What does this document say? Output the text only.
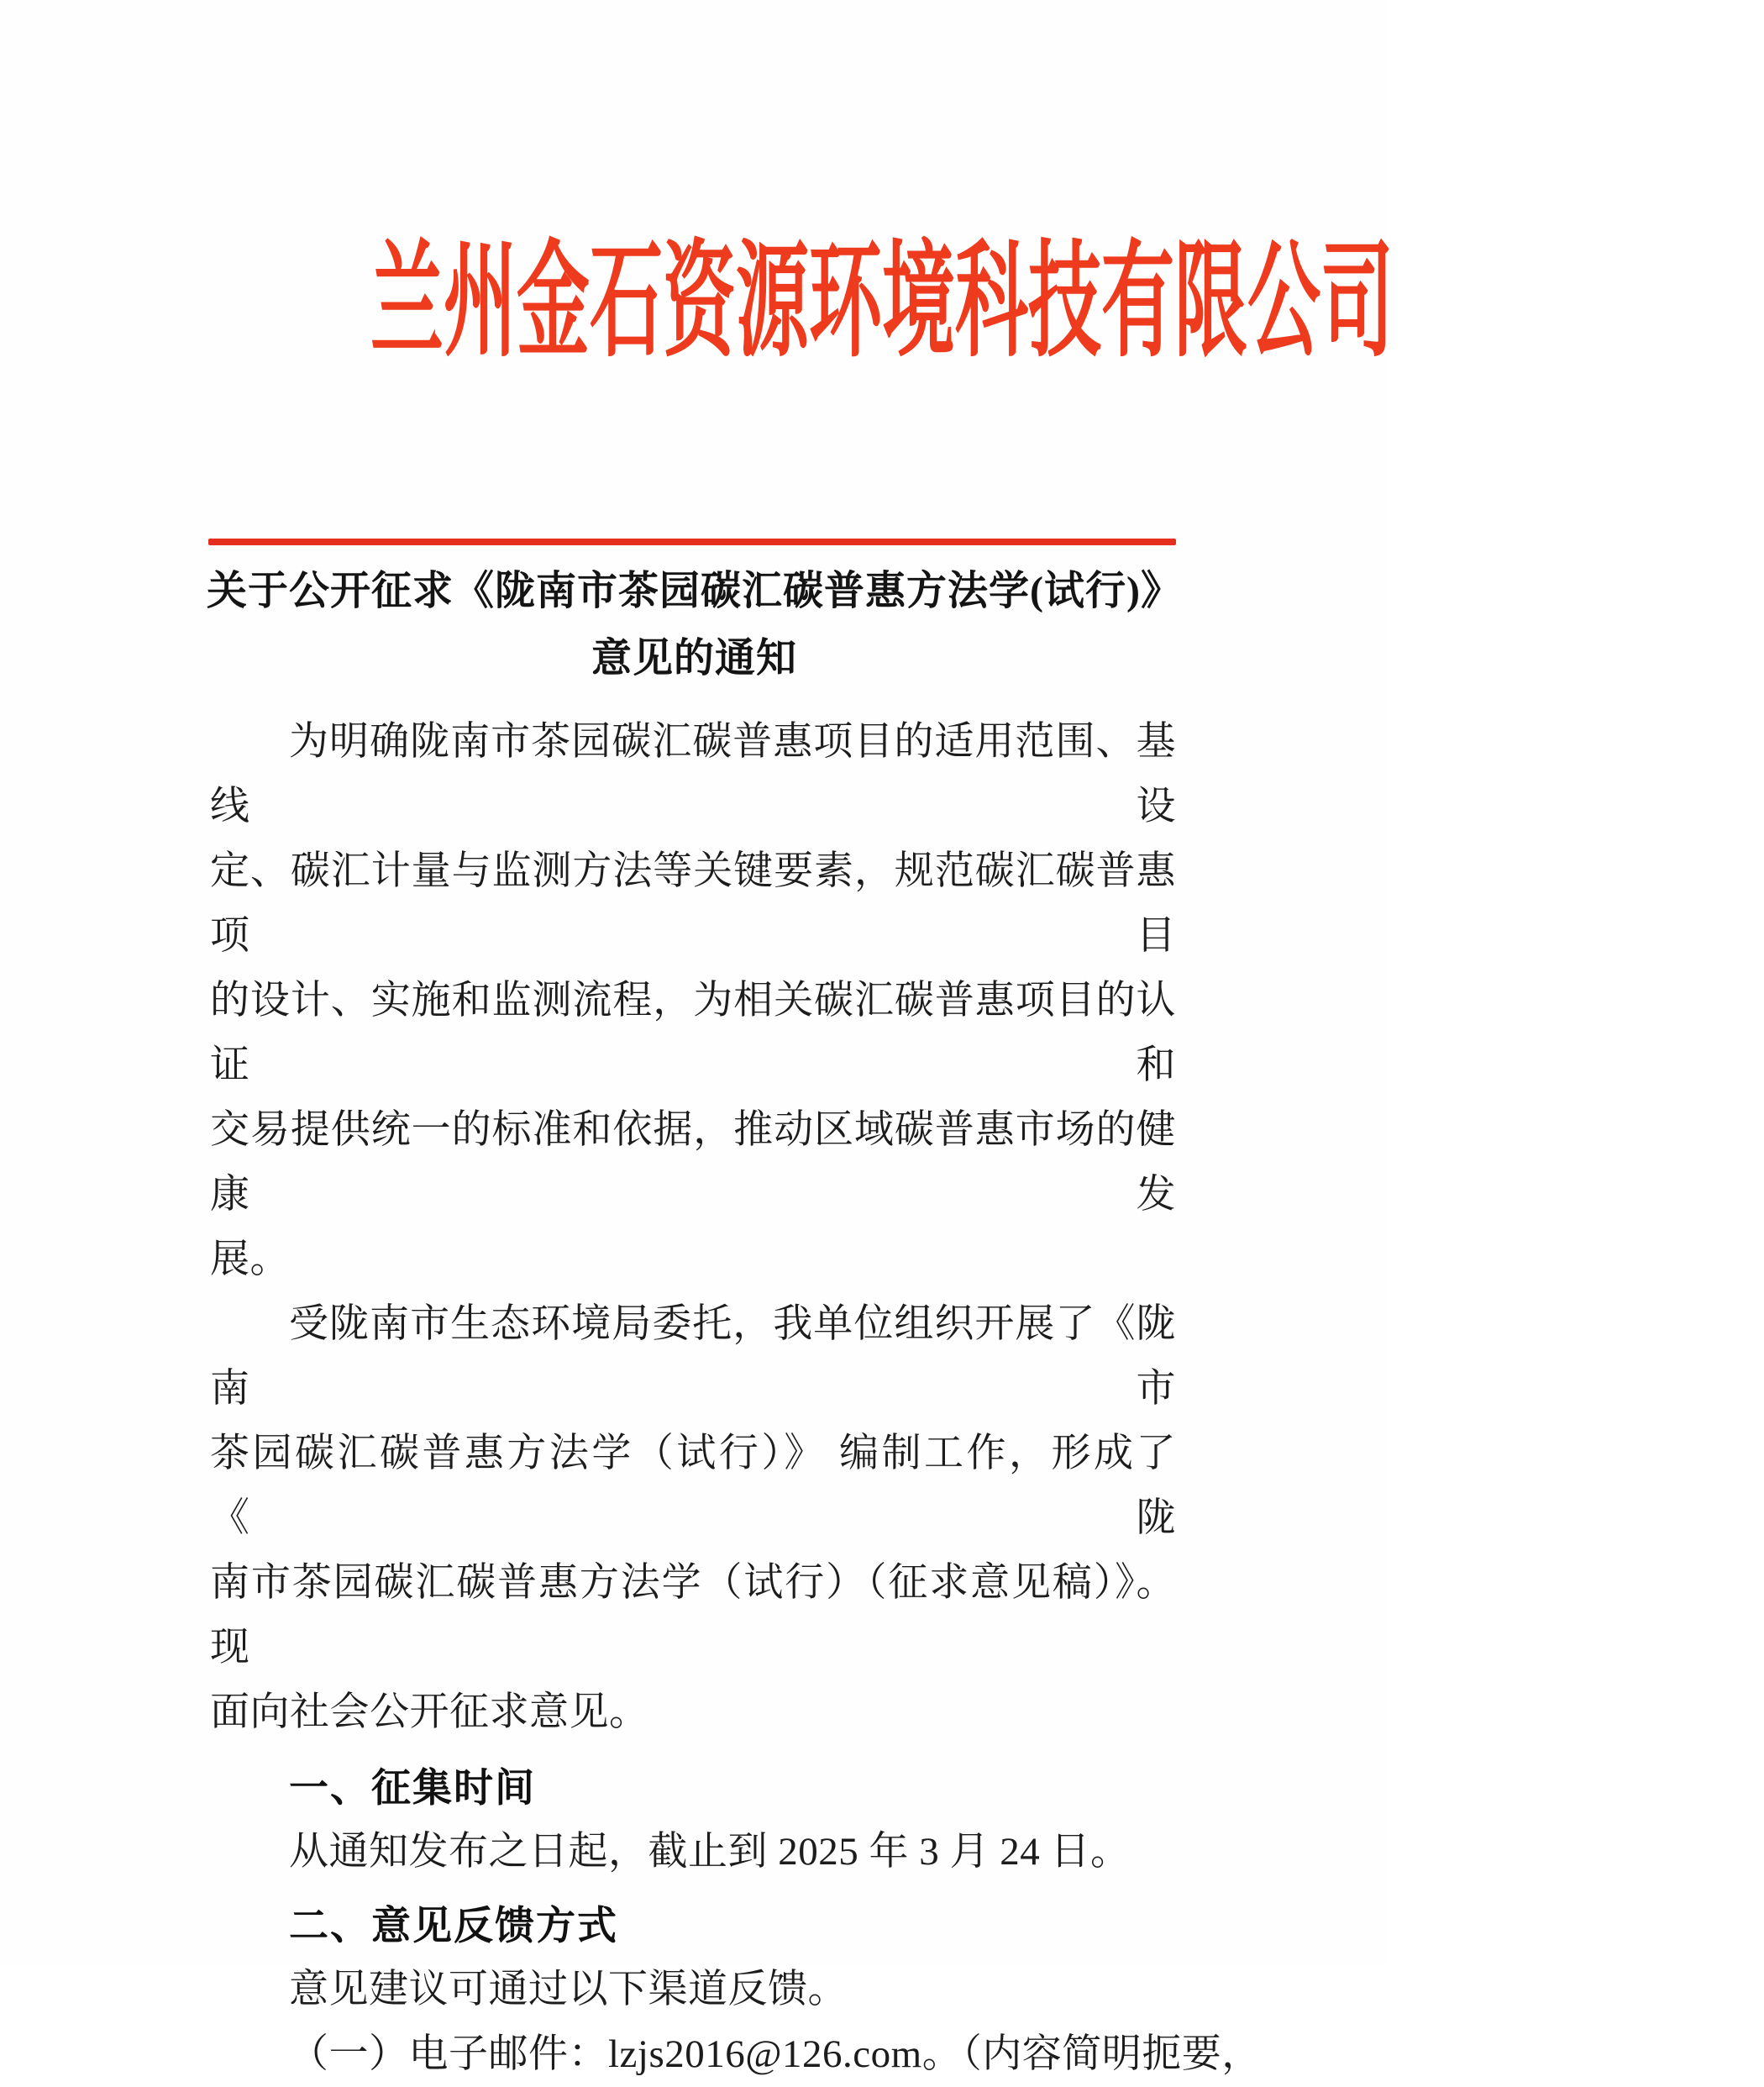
兰州金石资源环境科技有限公司
关于公开征求《陇南市茶园碳汇碳普惠方法学(试行)》
意见的通知
为明确陇南市茶园碳汇碳普惠项目的适用范围、基线设
定、碳汇计量与监测方法等关键要素，规范碳汇碳普惠项目
的设计、实施和监测流程，为相关碳汇碳普惠项目的认证和
交易提供统一的标准和依据，推动区域碳普惠市场的健康发
展。
受陇南市生态环境局委托，我单位组织开展了《陇南市
茶园碳汇碳普惠方法学（试行）》 编制工作，形成了《陇
南市茶园碳汇碳普惠方法学（试行）（征求意见稿）》。现
面向社会公开征求意见。
一、征集时间
从通知发布之日起，截止到 2025 年 3 月 24 日。
二、意见反馈方式
意见建议可通过以下渠道反馈。
（一）电子邮件：lzjs2016@126.com。（内容简明扼要，
